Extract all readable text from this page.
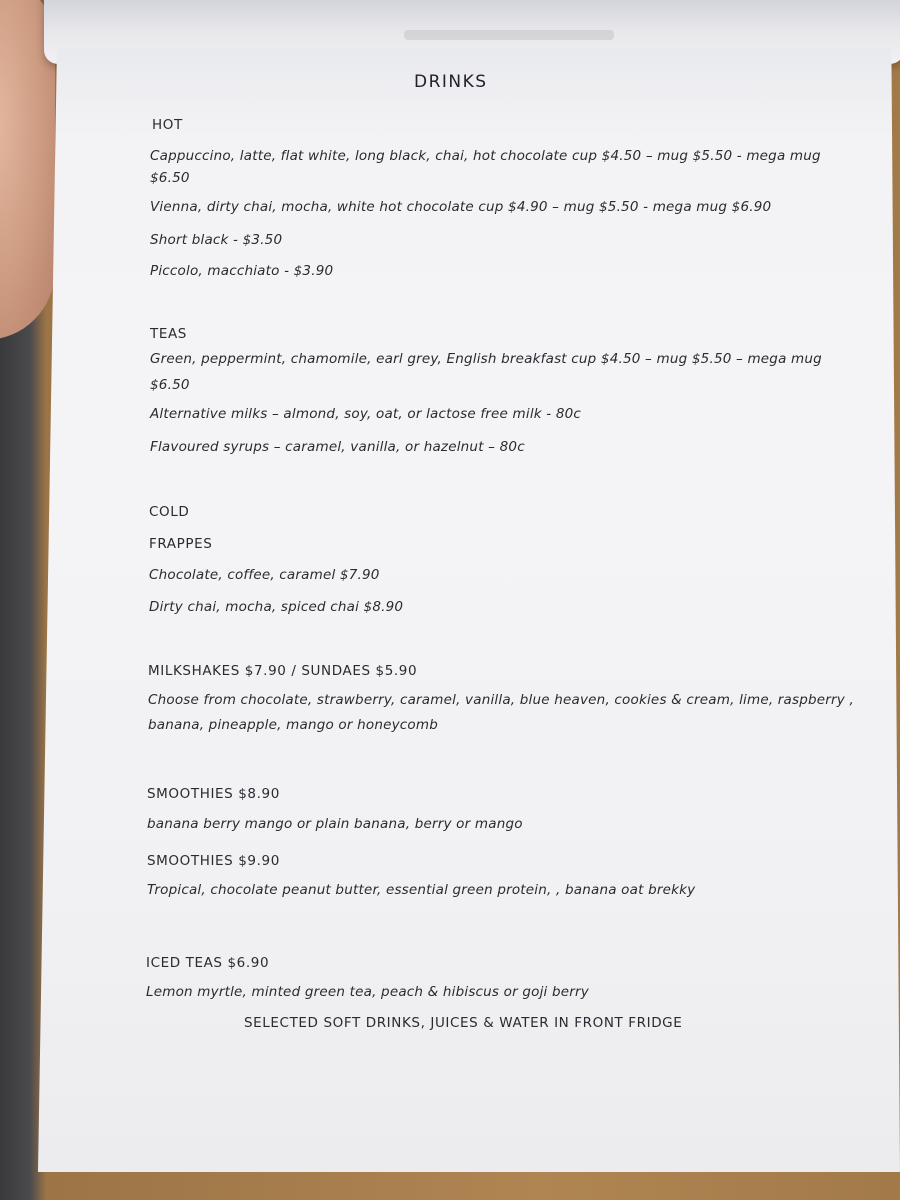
DRINKS
HOT
Cappuccino, latte, flat white, long black, chai, hot chocolate cup $4.50 – mug $5.50 - mega mug
$6.50
Vienna, dirty chai, mocha, white hot chocolate cup $4.90 – mug $5.50 - mega mug $6.90
Short black - $3.50
Piccolo, macchiato - $3.90
TEAS
Green, peppermint, chamomile, earl grey, English breakfast cup $4.50 – mug $5.50 – mega mug
$6.50
Alternative milks – almond, soy, oat, or lactose free milk - 80c
Flavoured syrups – caramel, vanilla, or hazelnut – 80c
COLD
FRAPPES
Chocolate, coffee, caramel $7.90
Dirty chai, mocha, spiced chai $8.90
MILKSHAKES $7.90 / SUNDAES $5.90
Choose from chocolate, strawberry, caramel, vanilla, blue heaven, cookies & cream, lime, raspberry ,
banana, pineapple, mango or honeycomb
SMOOTHIES $8.90
banana berry mango or plain banana, berry or mango
SMOOTHIES $9.90
Tropical, chocolate peanut butter, essential green protein, , banana oat brekky
ICED TEAS $6.90
Lemon myrtle, minted green tea, peach & hibiscus or goji berry
SELECTED SOFT DRINKS, JUICES & WATER IN FRONT FRIDGE
